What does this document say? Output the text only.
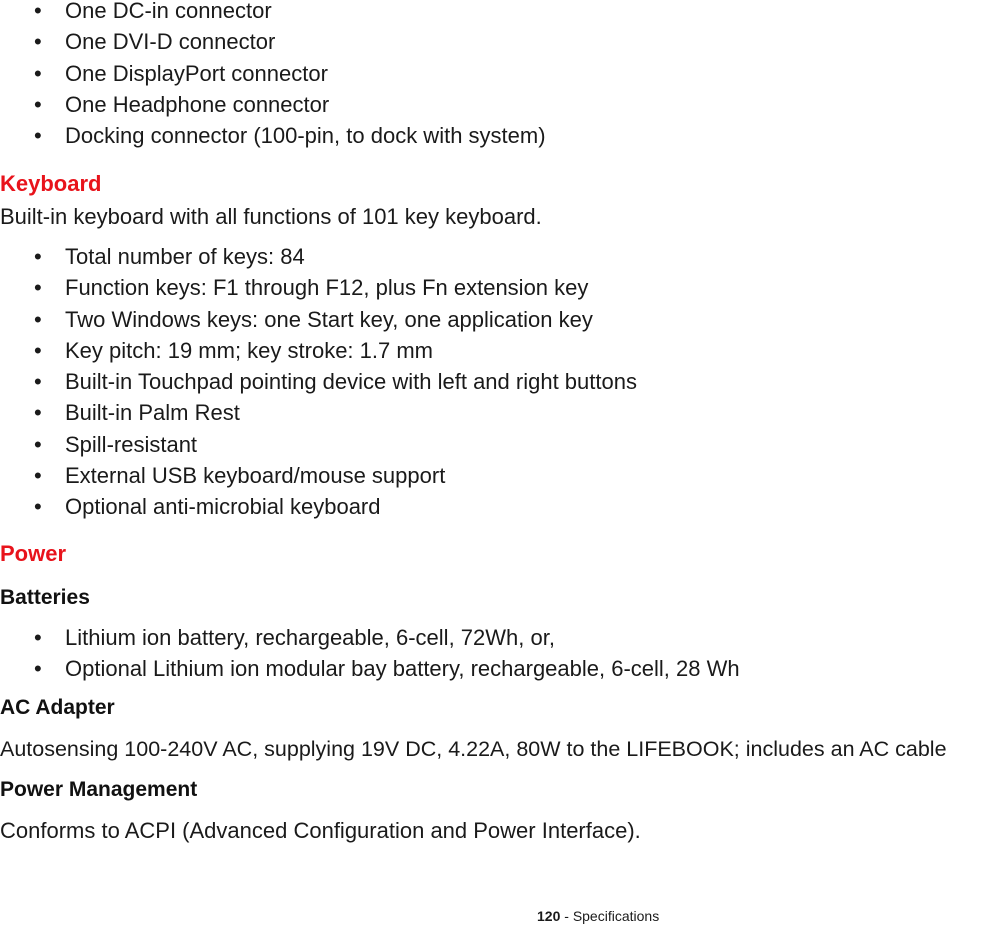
• One DC-in connector
• One DVI-D connector
• One DisplayPort connector
• One Headphone connector
• Docking connector (100-pin, to dock with system)
Keyboard

Built-in keyboard with all functions of 101 key keyboard.

• Total number of keys: 84
• Function keys: F1 through F12, plus Fn extension key
• Two Windows keys: one Start key, one application key
• Key pitch: 19 mm; key stroke: 1.7 mm
• Built-in Touchpad pointing device with left and right buttons
• Built-in Palm Rest
• Spill-resistant
• External USB keyboard/mouse support
• Optional anti-microbial keyboard
Power
Batteries
• Lithium ion battery, rechargeable, 6-cell, 72Wh, or,
• Optional Lithium ion modular bay battery, rechargeable, 6-cell, 28 Wh
AC Adapter

Autosensing 100-240V AC, supplying 19V DC, 4.22A, 80W to the LIFEBOOK; includes an AC cable

Power Management

Conforms to ACPI (Advanced Configuration and Power Interface).

120 - Specifications
